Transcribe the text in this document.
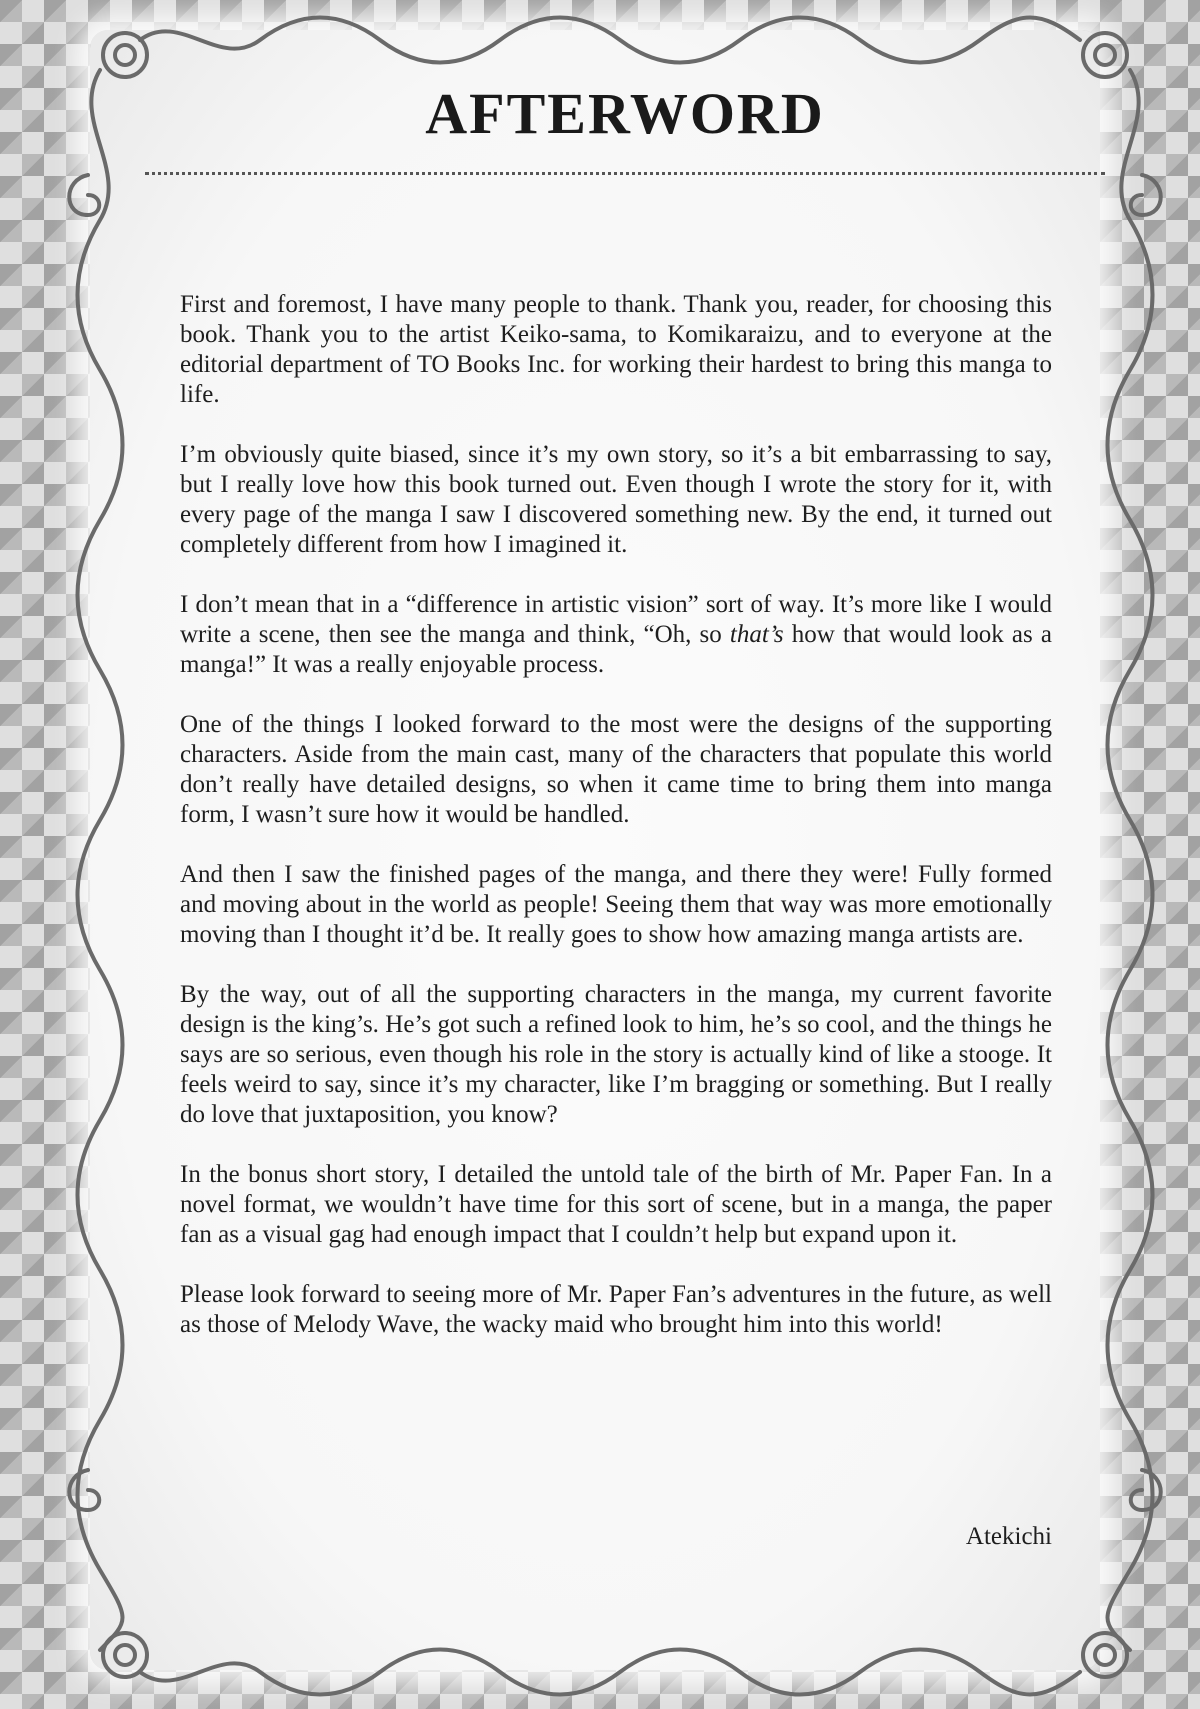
AFTERWORD

First and foremost, I have many people to thank. Thank you, reader, for choosing this book. Thank you to the artist Keiko-sama, to Komikaraizu, and to everyone at the editorial department of TO Books Inc. for working their hardest to bring this manga to life.

I’m obviously quite biased, since it’s my own story, so it’s a bit embarrassing to say, but I really love how this book turned out. Even though I wrote the story for it, with every page of the manga I saw I discovered something new. By the end, it turned out completely different from how I imagined it.

I don’t mean that in a “difference in artistic vision” sort of way. It’s more like I would write a scene, then see the manga and think, “Oh, so that’s how that would look as a manga!” It was a really enjoyable process.

One of the things I looked forward to the most were the designs of the supporting characters. Aside from the main cast, many of the characters that populate this world don’t really have detailed designs, so when it came time to bring them into manga form, I wasn’t sure how it would be handled.

And then I saw the finished pages of the manga, and there they were! Fully formed and moving about in the world as people! Seeing them that way was more emotionally moving than I thought it’d be. It really goes to show how amazing manga artists are.

By the way, out of all the supporting characters in the manga, my current favorite design is the king’s. He’s got such a refined look to him, he’s so cool, and the things he says are so serious, even though his role in the story is actually kind of like a stooge. It feels weird to say, since it’s my character, like I’m bragging or something. But I really do love that juxtaposition, you know?

In the bonus short story, I detailed the untold tale of the birth of Mr. Paper Fan. In a novel format, we wouldn’t have time for this sort of scene, but in a manga, the paper fan as a visual gag had enough impact that I couldn’t help but expand upon it.

Please look forward to seeing more of Mr. Paper Fan’s adventures in the future, as well as those of Melody Wave, the wacky maid who brought him into this world!

Atekichi
